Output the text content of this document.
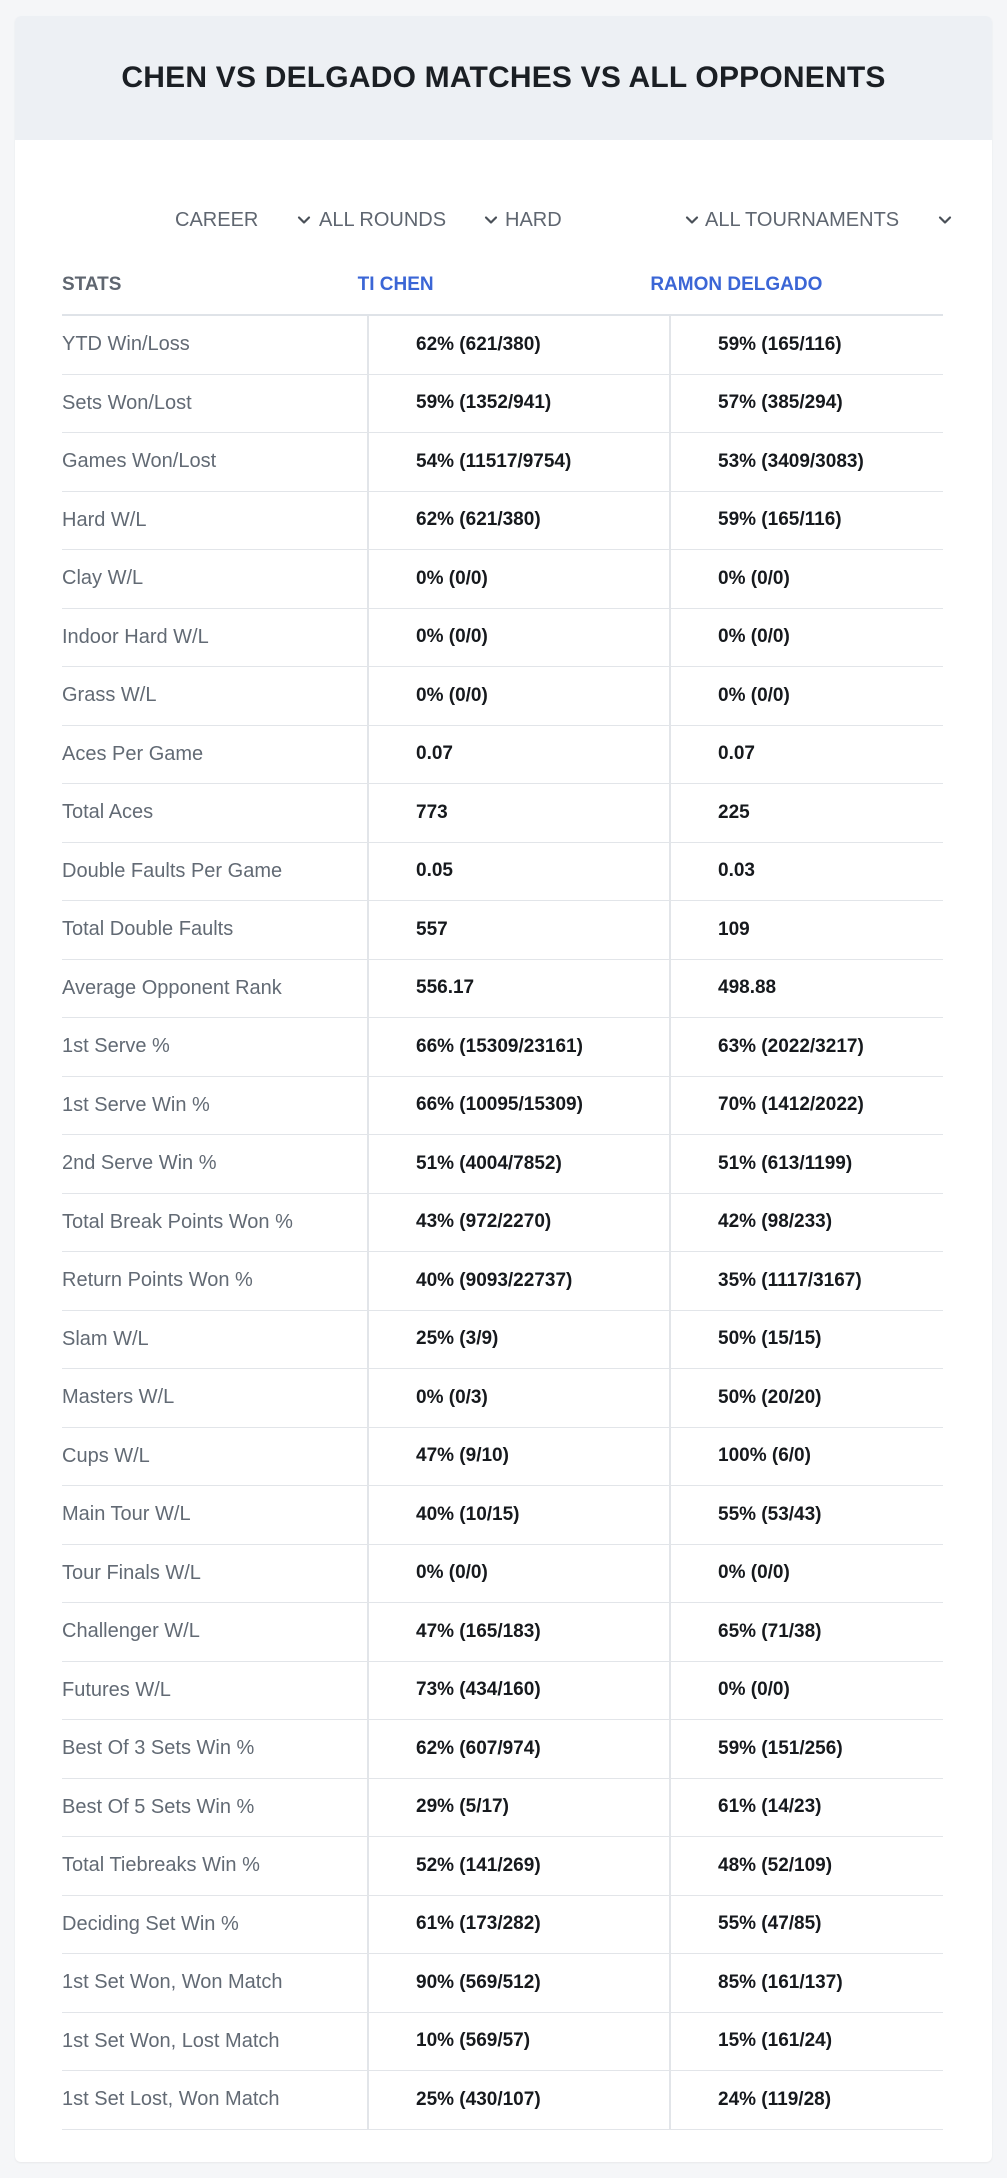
CHEN VS DELGADO MATCHES VS ALL OPPONENTS
CAREER	ALL ROUNDS	HARD	ALL TOURNAMENTS
STATS	TI CHEN	RAMON DELGADO
YTD Win/Loss	62% (621/380)	59% (165/116)
Sets Won/Lost	59% (1352/941)	57% (385/294)
Games Won/Lost	54% (11517/9754)	53% (3409/3083)
Hard W/L	62% (621/380)	59% (165/116)
Clay W/L	0% (0/0)	0% (0/0)
Indoor Hard W/L	0% (0/0)	0% (0/0)
Grass W/L	0% (0/0)	0% (0/0)
Aces Per Game	0.07	0.07
Total Aces	773	225
Double Faults Per Game	0.05	0.03
Total Double Faults	557	109
Average Opponent Rank	556.17	498.88
1st Serve %	66% (15309/23161)	63% (2022/3217)
1st Serve Win %	66% (10095/15309)	70% (1412/2022)
2nd Serve Win %	51% (4004/7852)	51% (613/1199)
Total Break Points Won %	43% (972/2270)	42% (98/233)
Return Points Won %	40% (9093/22737)	35% (1117/3167)
Slam W/L	25% (3/9)	50% (15/15)
Masters W/L	0% (0/3)	50% (20/20)
Cups W/L	47% (9/10)	100% (6/0)
Main Tour W/L	40% (10/15)	55% (53/43)
Tour Finals W/L	0% (0/0)	0% (0/0)
Challenger W/L	47% (165/183)	65% (71/38)
Futures W/L	73% (434/160)	0% (0/0)
Best Of 3 Sets Win %	62% (607/974)	59% (151/256)
Best Of 5 Sets Win %	29% (5/17)	61% (14/23)
Total Tiebreaks Win %	52% (141/269)	48% (52/109)
Deciding Set Win %	61% (173/282)	55% (47/85)
1st Set Won, Won Match	90% (569/512)	85% (161/137)
1st Set Won, Lost Match	10% (569/57)	15% (161/24)
1st Set Lost, Won Match	25% (430/107)	24% (119/28)
